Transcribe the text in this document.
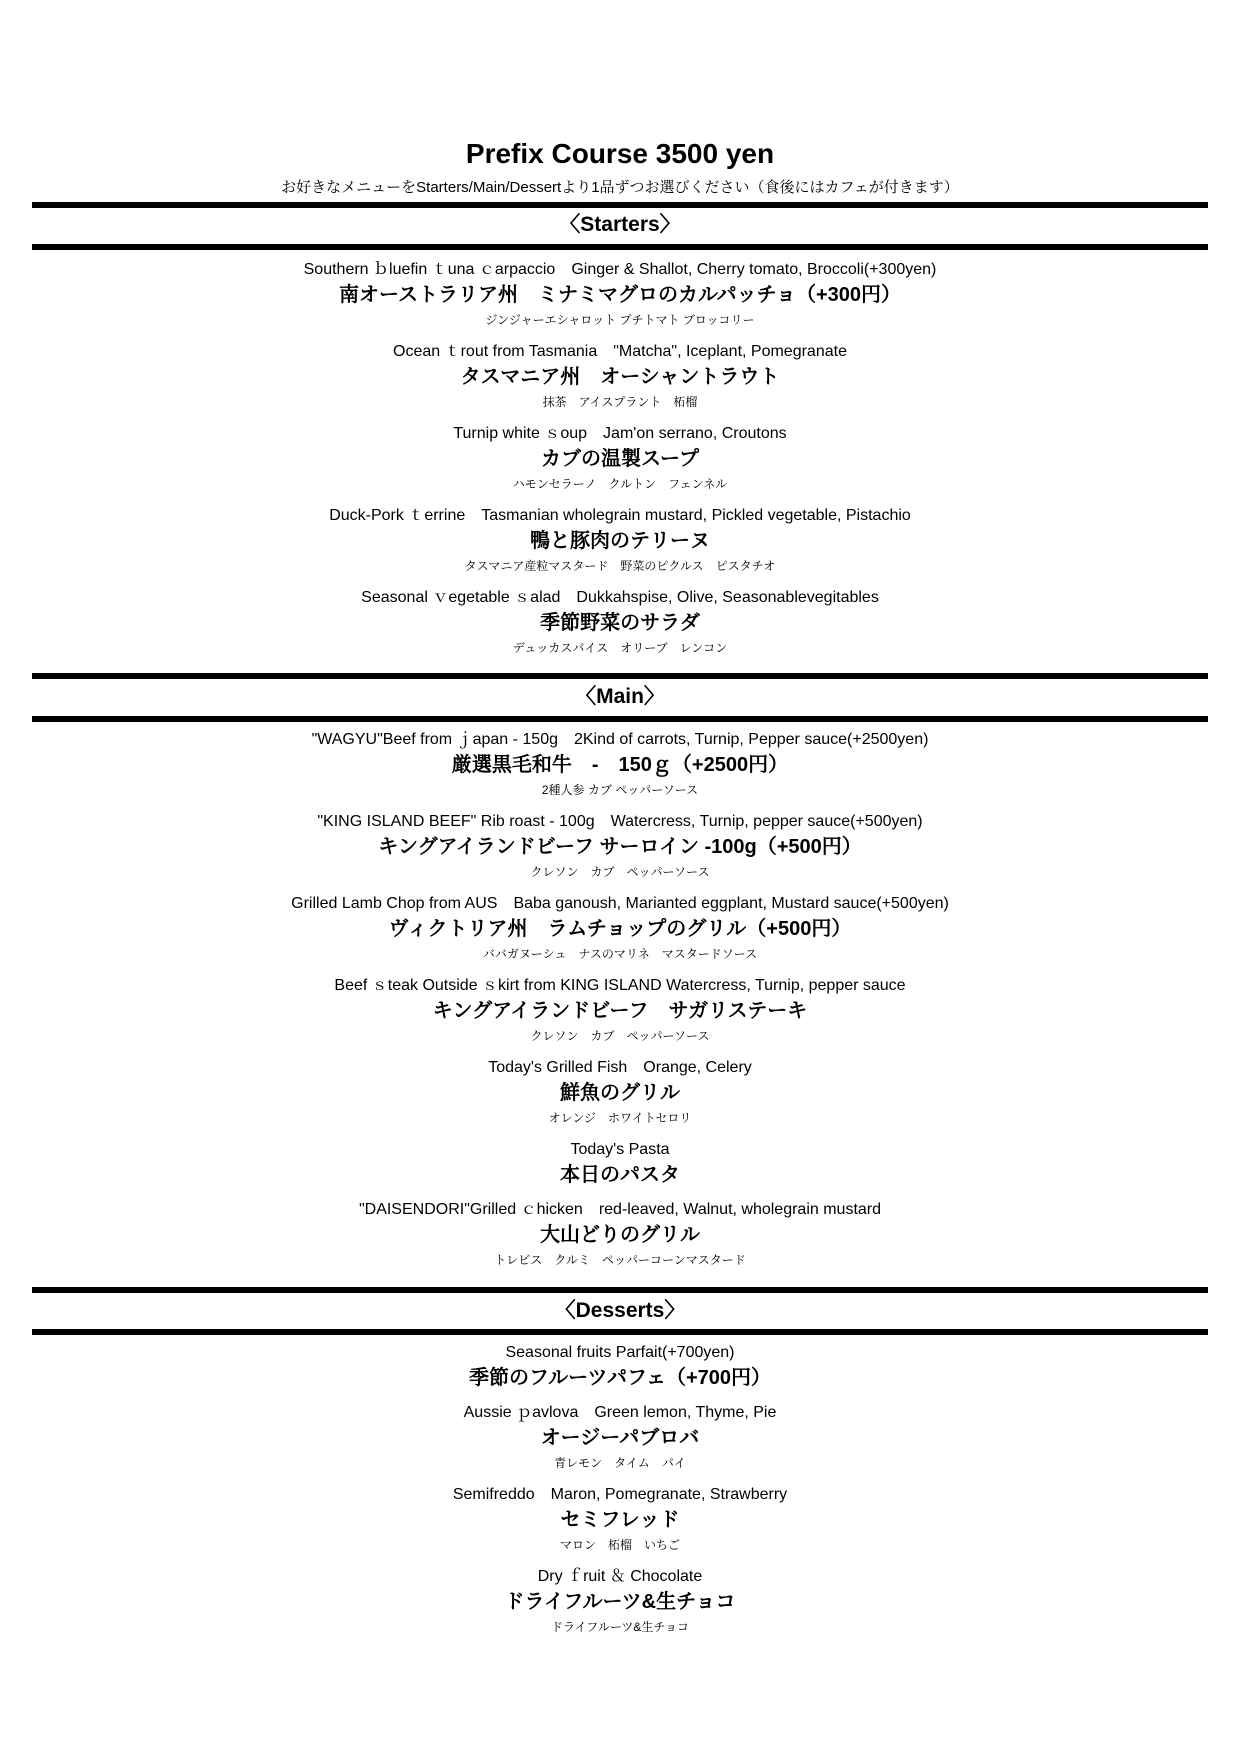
Prefix Course 3500 yen
お好きなメニューをStarters/Main/Dessertより1品ずつお選びください（食後にはカフェが付きます）
〈Starters〉
Southern ｂluefin ｔuna ｃarpaccio　Ginger & Shallot, Cherry tomato, Broccoli(+300yen)
南オーストラリア州　ミナミマグロのカルパッチョ（+300円）
ジンジャーエシャロット プチトマト ブロッコリー
Ocean ｔrout from Tasmania　"Matcha", Iceplant, Pomegranate
タスマニア州　オーシャントラウト
抹茶　アイスプラント　柘榴
Turnip white ｓoup　Jam'on serrano, Croutons
カブの温製スープ
ハモンセラーノ　クルトン　フェンネル
Duck-Pork ｔerrine　Tasmanian wholegrain mustard, Pickled vegetable, Pistachio
鴨と豚肉のテリーヌ
タスマニア産粒マスタード　野菜のピクルス　ピスタチオ
Seasonal ｖegetable ｓalad　Dukkahspise, Olive, Seasonablevegitables
季節野菜のサラダ
デュッカスパイス　オリーブ　レンコン
〈Main〉
"WAGYU"Beef from ｊapan - 150g　2Kind of carrots, Turnip, Pepper sauce(+2500yen)
厳選黒毛和牛　-　150ｇ（+2500円）
2種人参 カブ ペッパーソース
"KING ISLAND BEEF" Rib roast - 100g　Watercress, Turnip, pepper sauce(+500yen)
キングアイランドビーフ サーロイン -100g（+500円）
クレソン　カブ　ペッパーソース
Grilled Lamb Chop from AUS　Baba ganoush, Marianted eggplant, Mustard sauce(+500yen)
ヴィクトリア州　ラムチョップのグリル（+500円）
ババガヌーシュ　ナスのマリネ　マスタードソース
Beef ｓteak Outside ｓkirt from KING ISLAND Watercress, Turnip, pepper sauce
キングアイランドビーフ　サガリステーキ
クレソン　カブ　ペッパーソース
Today's Grilled Fish　Orange, Celery
鮮魚のグリル
オレンジ　ホワイトセロリ
Today's Pasta
本日のパスタ
"DAISENDORI"Grilled ｃhicken　red-leaved, Walnut, wholegrain mustard
大山どりのグリル
トレビス　クルミ　ペッパーコーンマスタード
〈Desserts〉
Seasonal fruits Parfait(+700yen)
季節のフルーツパフェ（+700円）
Aussie ｐavlova　Green lemon, Thyme, Pie
オージーパブロバ
青レモン　タイム　パイ
Semifreddo　Maron, Pomegranate, Strawberry
セミフレッド
マロン　柘榴　いちご
Dry ｆruit ＆ Chocolate
ドライフルーツ&生チョコ
ドライフルーツ&生チョコ
